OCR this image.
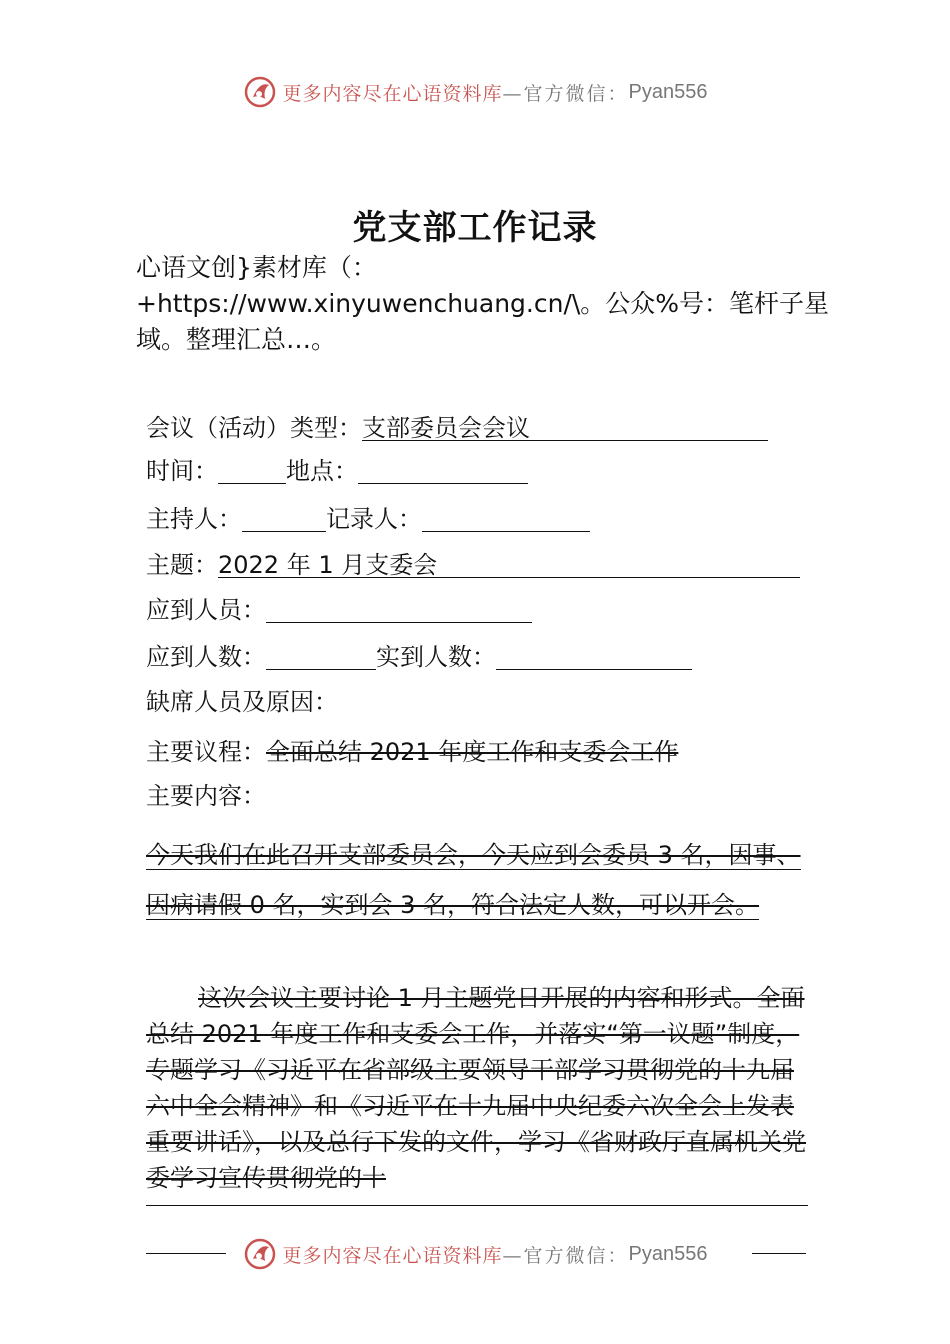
更多内容尽在心语资料库 —官方微信： Pyan556
党支部工作记录
心语文创}素材库（：+https://www.xinyuwenchuang.cn/\。公众%号：笔杆子星域。整理汇总…。
会议（活动）类型：支部委员会会议
时间：	地点：
主持人：	记录人：
主题：2022 年 1 月支委会
应到人员：
应到人数：	实到人数：
缺席人员及原因：
主要议程：全面总结 2021 年度工作和支委会工作
主要内容：
今天我们在此召开支部委员会，今天应到会委员 3 名，因事、因病请假 0 名，实到会 3 名，符合法定人数，可以开会。
这次会议主要讨论 1 月主题党日开展的内容和形式。全面总结 2021 年度工作和支委会工作，并落实“第一议题”制度，专题学习《习近平在省部级主要领导干部学习贯彻党的十九届六中全会精神》和《习近平在十九届中央纪委六次全会上发表重要讲话》，以及总行下发的文件，学习《省财政厅直属机关党委学习宣传贯彻党的十
更多内容尽在心语资料库 —官方微信： Pyan556
